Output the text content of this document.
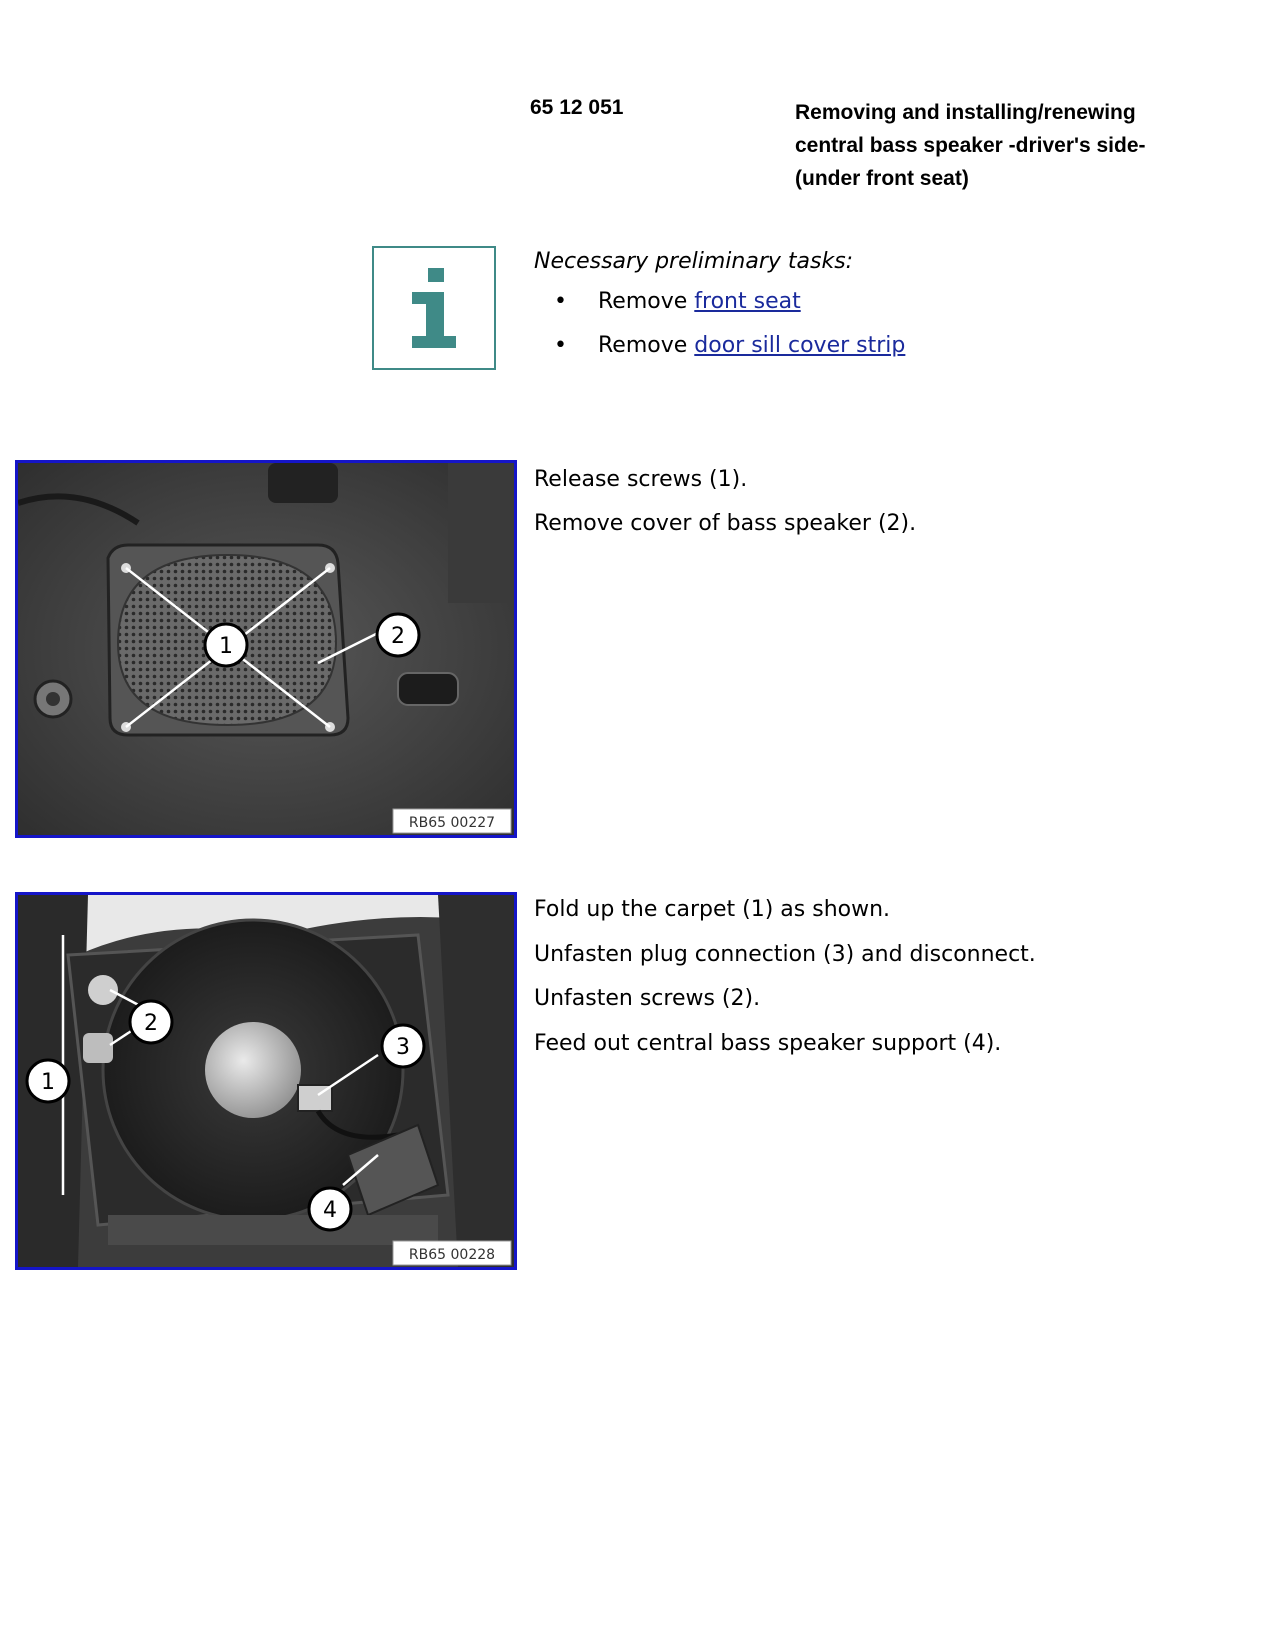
65 12 051	Removing and installing/renewing
central bass speaker -driver's side-
(under front seat)
Necessary preliminary tasks:
• Remove front seat
• Remove door sill cover strip
1	2
RB65 00227
Release screws (1).
Remove cover of bass speaker (2).
1
2
3
4
RB65 00228
Fold up the carpet (1) as shown.
Unfasten plug connection (3) and disconnect.
Unfasten screws (2).
Feed out central bass speaker support (4).
